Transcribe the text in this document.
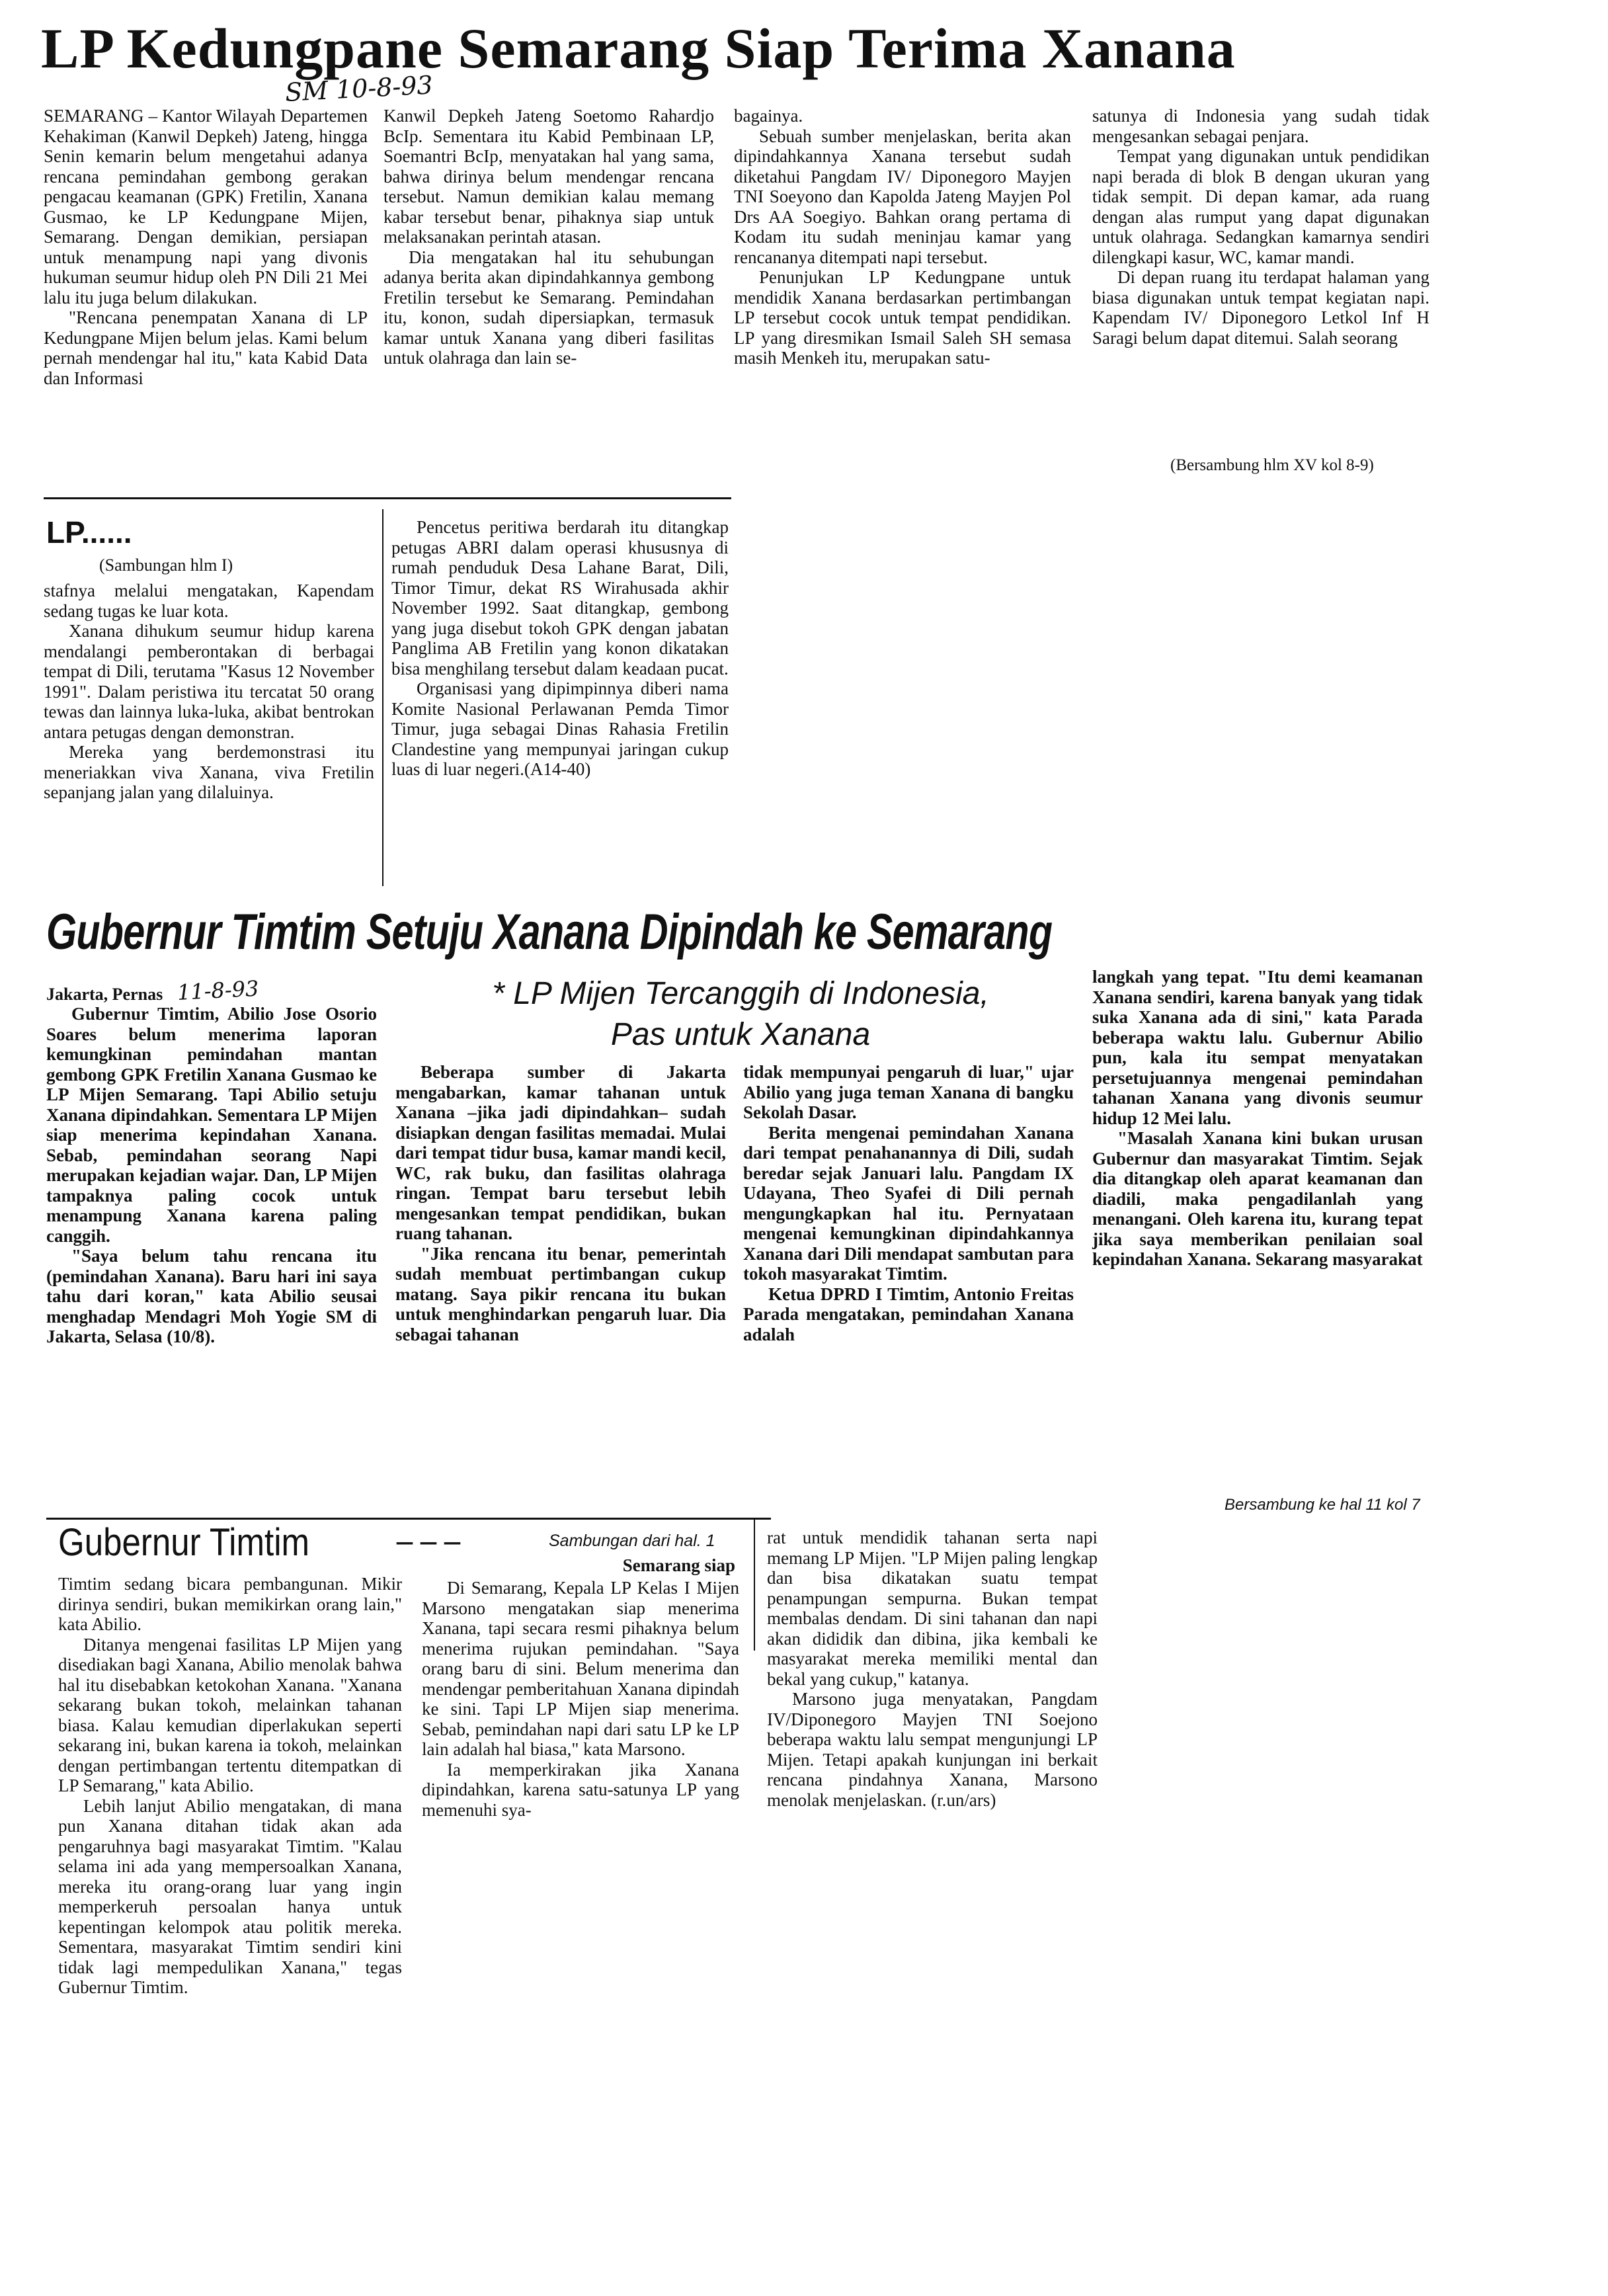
LP Kedungpane Semarang Siap Terima Xanana
SM 10-8-93

SEMARANG – Kantor Wilayah Departemen Kehakiman (Kanwil Depkeh) Jateng, hingga Senin kemarin belum mengetahui adanya rencana pemindahan gembong gerakan pengacau keamanan (GPK) Fretilin, Xanana Gusmao, ke LP Kedungpane Mijen, Semarang. Dengan demikian, persiapan untuk menampung napi yang divonis hukuman seumur hidup oleh PN Dili 21 Mei lalu itu juga belum dilakukan.

"Rencana penempatan Xanana di LP Kedungpane Mijen belum jelas. Kami belum pernah mendengar hal itu," kata Kabid Data dan Informasi

Kanwil Depkeh Jateng Soetomo Rahardjo BcIp. Sementara itu Kabid Pembinaan LP, Soemantri BcIp, menyatakan hal yang sama, bahwa dirinya belum mendengar rencana tersebut. Namun demikian kalau memang kabar tersebut benar, pihaknya siap untuk melaksanakan perintah atasan.

Dia mengatakan hal itu sehubungan adanya berita akan dipindahkannya gembong Fretilin tersebut ke Semarang. Pemindahan itu, konon, sudah dipersiapkan, termasuk kamar untuk Xanana yang diberi fasilitas untuk olahraga dan lain se-

bagainya.

Sebuah sumber menjelaskan, berita akan dipindahkannya Xanana tersebut sudah diketahui Pangdam IV/ Diponegoro Mayjen TNI Soeyono dan Kapolda Jateng Mayjen Pol Drs AA Soegiyo. Bahkan orang pertama di Kodam itu sudah meninjau kamar yang rencananya ditempati napi tersebut.

Penunjukan LP Kedungpane untuk mendidik Xanana berdasarkan pertimbangan LP tersebut cocok untuk tempat pendidikan. LP yang diresmikan Ismail Saleh SH semasa masih Menkeh itu, merupakan satu-

satunya di Indonesia yang sudah tidak mengesankan sebagai penjara.

Tempat yang digunakan untuk pendidikan napi berada di blok B dengan ukuran yang tidak sempit. Di depan kamar, ada ruang dengan alas rumput yang dapat digunakan untuk olahraga. Sedangkan kamarnya sendiri dilengkapi kasur, WC, kamar mandi.

Di depan ruang itu terdapat halaman yang biasa digunakan untuk tempat kegiatan napi. Kapendam IV/ Diponegoro Letkol Inf H Saragi belum dapat ditemui. Salah seorang

(Bersambung hlm XV kol 8-9)
LP......
(Sambungan hlm I)

stafnya melalui mengatakan, Kapendam sedang tugas ke luar kota.

Xanana dihukum seumur hidup karena mendalangi pemberontakan di berbagai tempat di Dili, terutama "Kasus 12 November 1991". Dalam peristiwa itu tercatat 50 orang tewas dan lainnya luka-luka, akibat bentrokan antara petugas dengan demonstran.

Mereka yang berdemonstrasi itu meneriakkan viva Xanana, viva Fretilin sepanjang jalan yang dilaluinya.

Pencetus peritiwa berdarah itu ditangkap petugas ABRI dalam operasi khususnya di rumah penduduk Desa Lahane Barat, Dili, Timor Timur, dekat RS Wirahusada akhir November 1992. Saat ditangkap, gembong yang juga disebut tokoh GPK dengan jabatan Panglima AB Fretilin yang konon dikatakan bisa menghilang tersebut dalam keadaan pucat.

Organisasi yang dipimpinnya diberi nama Komite Nasional Perlawanan Pemda Timor Timur, juga sebagai Dinas Rahasia Fretilin Clandestine yang mempunyai jaringan cukup luas di luar negeri.(A14-40)

Gubernur Timtim Setuju Xanana Dipindah ke Semarang
Jakarta, Pernas 11-8-93	* LP Mijen Tercanggih di Indonesia,
Pas untuk Xanana

Gubernur Timtim, Abilio Jose Osorio Soares belum menerima laporan kemungkinan pemindahan mantan gembong GPK Fretilin Xanana Gusmao ke LP Mijen Semarang. Tapi Abilio setuju Xanana dipindahkan. Sementara LP Mijen siap menerima kepindahan Xanana. Sebab, pemindahan seorang Napi merupakan kejadian wajar. Dan, LP Mijen tampaknya paling cocok untuk menampung Xanana karena paling canggih.

"Saya belum tahu rencana itu (pemindahan Xanana). Baru hari ini saya tahu dari koran," kata Abilio seusai menghadap Mendagri Moh Yogie SM di Jakarta, Selasa (10/8).

Beberapa sumber di Jakarta mengabarkan, kamar tahanan untuk Xanana –jika jadi dipindahkan– sudah disiapkan dengan fasilitas memadai. Mulai dari tempat tidur busa, kamar mandi kecil, WC, rak buku, dan fasilitas olahraga ringan. Tempat baru tersebut lebih mengesankan tempat pendidikan, bukan ruang tahanan.

"Jika rencana itu benar, pemerintah sudah membuat pertimbangan cukup matang. Saya pikir rencana itu bukan untuk menghindarkan pengaruh luar. Dia sebagai tahanan

tidak mempunyai pengaruh di luar," ujar Abilio yang juga teman Xanana di bangku Sekolah Dasar.

Berita mengenai pemindahan Xanana dari tempat penahanannya di Dili, sudah beredar sejak Januari lalu. Pangdam IX Udayana, Theo Syafei di Dili pernah mengungkapkan hal itu. Pernyataan mengenai kemungkinan dipindahkannya Xanana dari Dili mendapat sambutan para tokoh masyarakat Timtim.

Ketua DPRD I Timtim, Antonio Freitas Parada mengatakan, pemindahan Xanana adalah

langkah yang tepat. "Itu demi keamanan Xanana sendiri, karena banyak yang tidak suka Xanana ada di sini," kata Parada beberapa waktu lalu. Gubernur Abilio pun, kala itu sempat menyatakan persetujuannya mengenai pemindahan tahanan Xanana yang divonis seumur hidup 12 Mei lalu.

"Masalah Xanana kini bukan urusan Gubernur dan masyarakat Timtim. Sejak dia ditangkap oleh aparat keamanan dan diadili, maka pengadilanlah yang menangani. Oleh karena itu, kurang tepat jika saya memberikan penilaian soal kepindahan Xanana. Sekarang masyarakat

Bersambung ke hal 11 kol 7
Gubernur Timtim	– – –	Sambungan dari hal. 1

Timtim sedang bicara pembangunan. Mikir dirinya sendiri, bukan memikirkan orang lain," kata Abilio.

Ditanya mengenai fasilitas LP Mijen yang disediakan bagi Xanana, Abilio menolak bahwa hal itu disebabkan ketokohan Xanana. "Xanana sekarang bukan tokoh, melainkan tahanan biasa. Kalau kemudian diperlakukan seperti sekarang ini, bukan karena ia tokoh, melainkan dengan pertimbangan tertentu ditempatkan di LP Semarang," kata Abilio.

Lebih lanjut Abilio mengatakan, di mana pun Xanana ditahan tidak akan ada pengaruhnya bagi masyarakat Timtim. "Kalau selama ini ada yang mempersoalkan Xanana, mereka itu orang-orang luar yang ingin memperkeruh persoalan hanya untuk kepentingan kelompok atau politik mereka. Sementara, masyarakat Timtim sendiri kini tidak lagi mempedulikan Xanana," tegas Gubernur Timtim.

Semarang siap

Di Semarang, Kepala LP Kelas I Mijen Marsono mengatakan siap menerima Xanana, tapi secara resmi pihaknya belum menerima rujukan pemindahan. "Saya orang baru di sini. Belum menerima dan mendengar pemberitahuan Xanana dipindah ke sini. Tapi LP Mijen siap menerima. Sebab, pemindahan napi dari satu LP ke LP lain adalah hal biasa," kata Marsono.

Ia memperkirakan jika Xanana dipindahkan, karena satu-satunya LP yang memenuhi sya-

rat untuk mendidik tahanan serta napi memang LP Mijen. "LP Mijen paling lengkap dan bisa dikatakan suatu tempat penampungan sempurna. Bukan tempat membalas dendam. Di sini tahanan dan napi akan dididik dan dibina, jika kembali ke masyarakat mereka memiliki mental dan bekal yang cukup," katanya.

Marsono juga menyatakan, Pangdam IV/Diponegoro Mayjen TNI Soejono beberapa waktu lalu sempat mengunjungi LP Mijen. Tetapi apakah kunjungan ini berkait rencana pindahnya Xanana, Marsono menolak menjelaskan. (r.un/ars)
